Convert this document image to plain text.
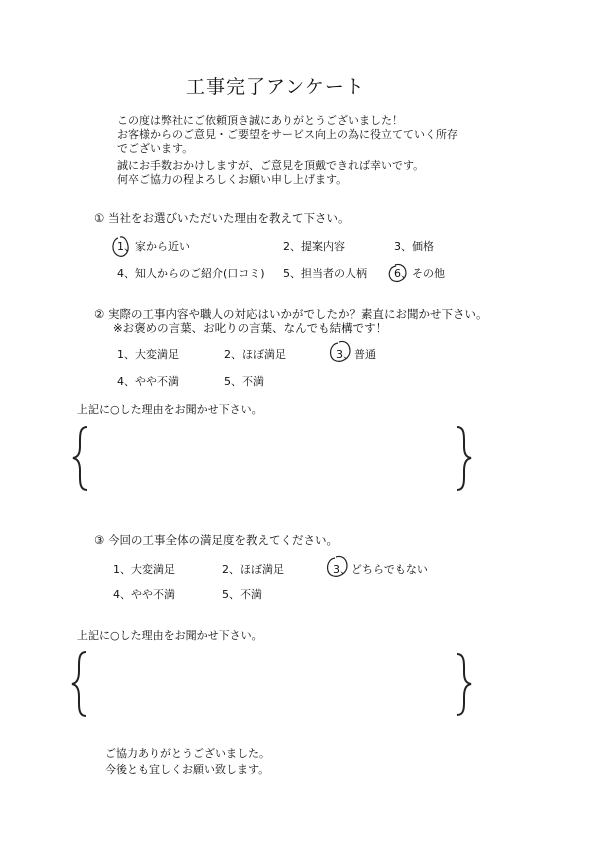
工事完了アンケート
この度は弊社にご依頼頂き誠にありがとうございました！
お客様からのご意見・ご要望をサービス向上の為に役立てていく所存
でございます。
誠にお手数おかけしますが、ご意見を頂戴できれば幸いです。
何卒ご協力の程よろしくお願い申し上げます。
① 当社をお選びいただいた理由を教えて下さい。
1、家から近い	2、提案内容	3、価格
4、知人からのご紹介(口コミ) 5、担当者の人柄 6、その他
② 実際の工事内容や職人の対応はいかがでしたか？素直にお聞かせ下さい。
※お褒めの言葉、お叱りの言葉、なんでも結構です！
1、大変満足	2、ほぼ満足	3、普通
4、やや不満	5、不満
上記に○した理由をお聞かせ下さい。
③ 今回の工事全体の満足度を教えてください。
1、大変満足	2、ほぼ満足	3、どちらでもない
4、やや不満	5、不満
上記に○した理由をお聞かせ下さい。
ご協力ありがとうございました。
今後とも宜しくお願い致します。
